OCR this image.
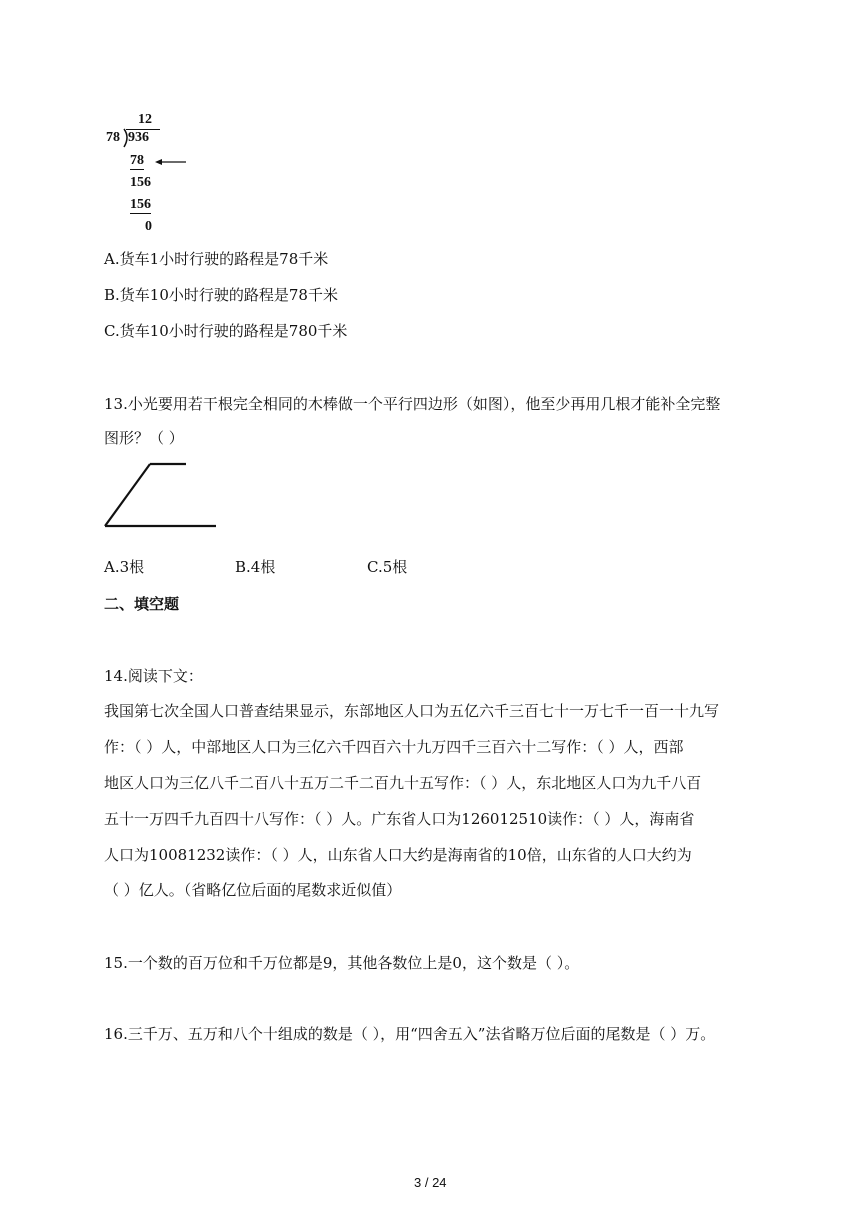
12
78 936
78
156
156
0
A.货车1小时行驶的路程是78千米
B.货车10小时行驶的路程是78千米
C.货车10小时行驶的路程是780千米
13.小光要用若干根完全相同的木棒做一个平行四边形（如图），他至少再用几根才能补全完整
图形？（ ）
A.3根	B.4根	C.5根
二、填空题
14.阅读下文：
我国第七次全国人口普查结果显示，东部地区人口为五亿六千三百七十一万七千一百一十九写
作：（ ）人，中部地区人口为三亿六千四百六十九万四千三百六十二写作：（ ）人，西部
地区人口为三亿八千二百八十五万二千二百九十五写作：（ ）人，东北地区人口为九千八百
五十一万四千九百四十八写作：（ ）人。广东省人口为126012510读作：（ ）人，海南省
人口为10081232读作：（ ）人，山东省人口大约是海南省的10倍，山东省的人口大约为
（ ）亿人。（省略亿位后面的尾数求近似值）
15.一个数的百万位和千万位都是9，其他各数位上是0，这个数是（ ）。
16.三千万、五万和八个十组成的数是（ ），用“四舍五入”法省略万位后面的尾数是（ ）万。
3 / 24
